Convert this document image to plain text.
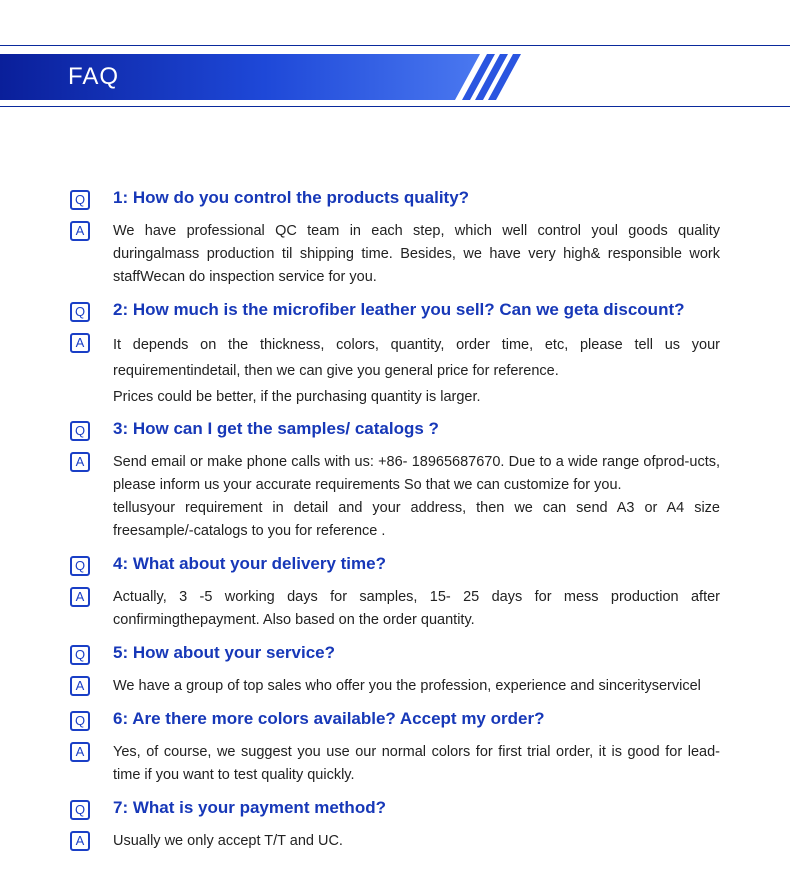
FAQ
Q 1: How do you control the products quality?
A	We have professional QC team in each step, which well control youl goods quality duringalmass production til shipping time. Besides, we have very high& responsible work staffWecan do inspection service for you.

Q 2: How much is the microfiber leather you sell? Can we geta discount?
A	It depends on the thickness, colors, quantity, order time, etc, please tell us your requirementindetail, then we can give you general price for reference.

Prices could be better, if the purchasing quantity is larger.

Q 3: How can I get the samples/ catalogs ?
A	Send email or make phone calls with us: +86- 18965687670. Due to a wide range ofprod-ucts, please inform us your accurate requirements So that we can customize for you.

tellusyour requirement in detail and your address, then we can send A3 or A4 size freesample/-catalogs to you for reference .

Q 4: What about your delivery time?
A	Actually, 3 -5 working days for samples, 15- 25 days for mess production after confirmingthepayment. Also based on the order quantity.

Q 5: How about your service?
A	We have a group of top sales who offer you the profession, experience and sincerityservicel

Q 6: Are there more colors available? Accept my order?
A	Yes, of course, we suggest you use our normal colors for first trial order, it is good for lead-time if you want to test quality quickly.

Q 7: What is your payment method?
A	Usually we only accept T/T and UC.
